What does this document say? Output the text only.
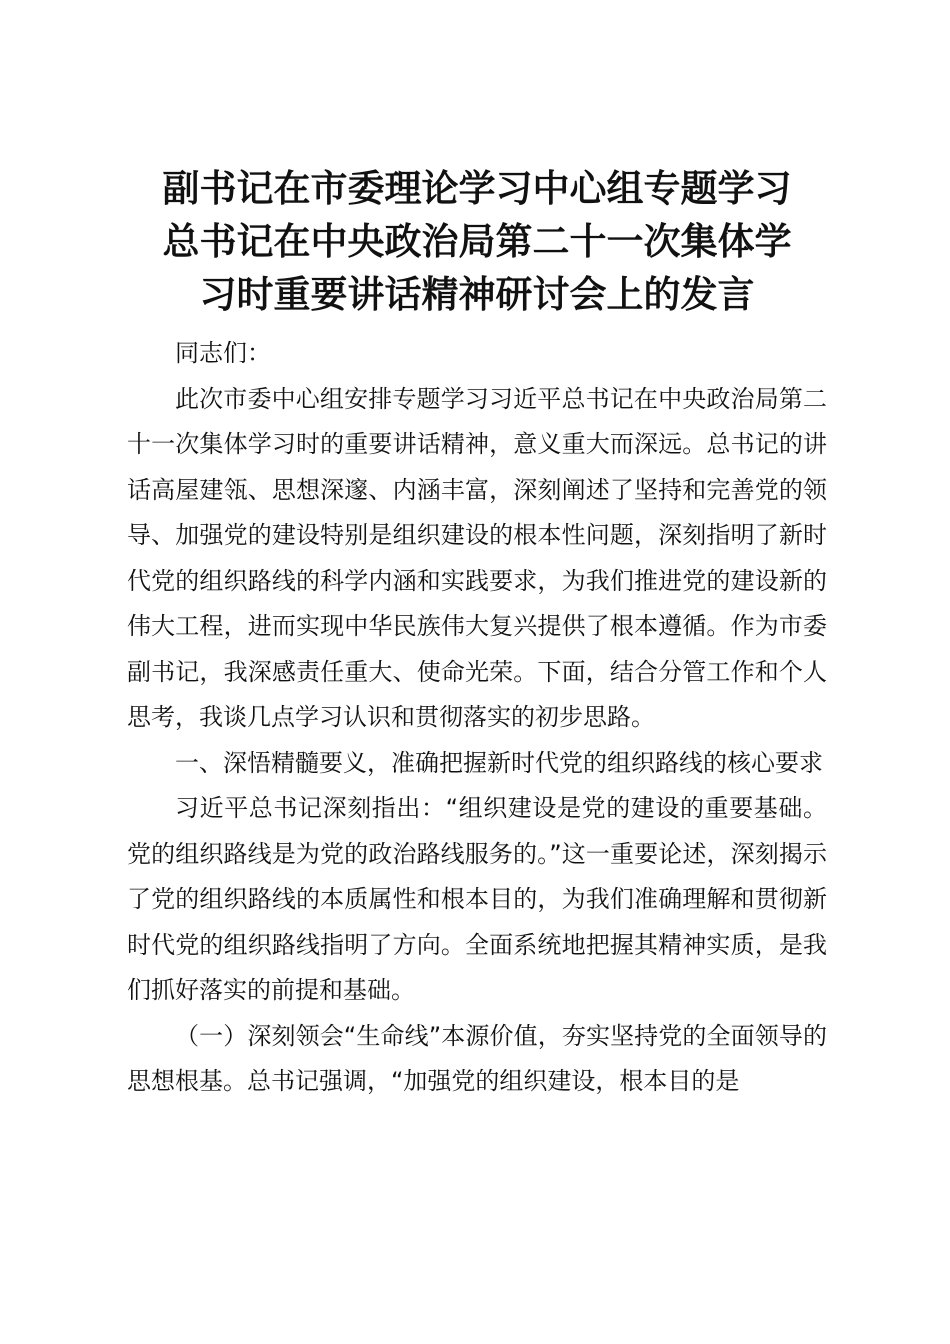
副书记在市委理论学习中心组专题学习
总书记在中央政治局第二十一次集体学
习时重要讲话精神研讨会上的发言

同志们：

此次市委中心组安排专题学习习近平总书记在中央政治局第二十一次集体学习时的重要讲话精神，意义重大而深远。总书记的讲话高屋建瓴、思想深邃、内涵丰富，深刻阐述了坚持和完善党的领导、加强党的建设特别是组织建设的根本性问题，深刻指明了新时代党的组织路线的科学内涵和实践要求，为我们推进党的建设新的伟大工程，进而实现中华民族伟大复兴提供了根本遵循。作为市委副书记，我深感责任重大、使命光荣。下面，结合分管工作和个人思考，我谈几点学习认识和贯彻落实的初步思路。

一、深悟精髓要义，准确把握新时代党的组织路线的核心要求

习近平总书记深刻指出：“组织建设是党的建设的重要基础。党的组织路线是为党的政治路线服务的。”这一重要论述，深刻揭示了党的组织路线的本质属性和根本目的，为我们准确理解和贯彻新时代党的组织路线指明了方向。全面系统地把握其精神实质，是我们抓好落实的前提和基础。

（一）深刻领会“生命线”本源价值，夯实坚持党的全面领导的思想根基。总书记强调，“加强党的组织建设，根本目的是
